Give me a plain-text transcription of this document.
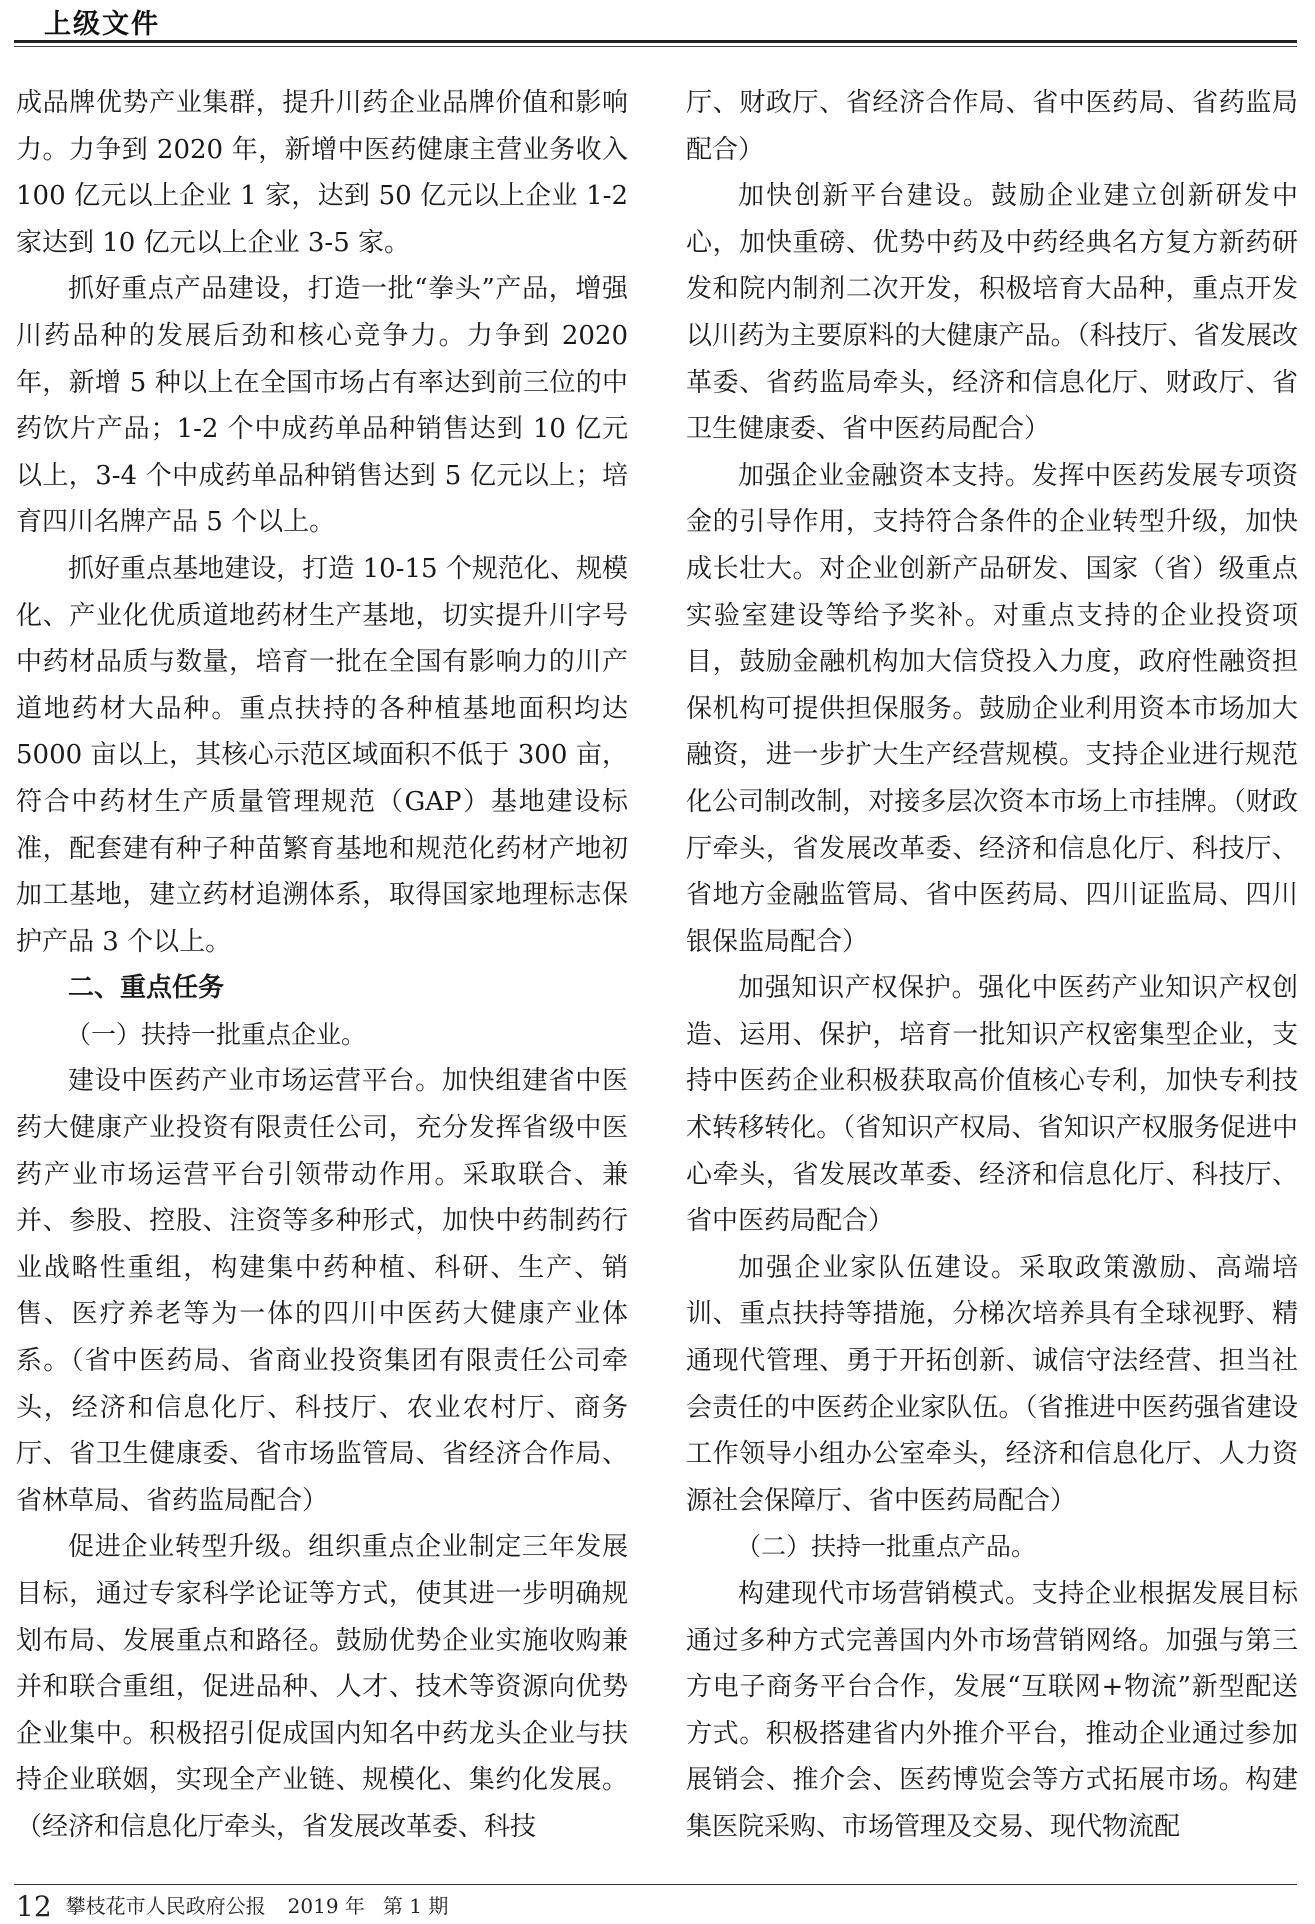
上级文件

成品牌优势产业集群，提升川药企业品牌价值和影响力。力争到 2020 年，新增中医药健康主营业务收入 100 亿元以上企业 1 家，达到 50 亿元以上企业 1-2 家达到 10 亿元以上企业 3-5 家。

抓好重点产品建设，打造一批“拳头”产品，增强川药品种的发展后劲和核心竞争力。力争到 2020 年，新增 5 种以上在全国市场占有率达到前三位的中药饮片产品；1-2 个中成药单品种销售达到 10 亿元以上，3-4 个中成药单品种销售达到 5 亿元以上；培育四川名牌产品 5 个以上。

抓好重点基地建设，打造 10-15 个规范化、规模化、产业化优质道地药材生产基地，切实提升川字号中药材品质与数量，培育一批在全国有影响力的川产道地药材大品种。重点扶持的各种植基地面积均达 5000 亩以上，其核心示范区域面积不低于 300 亩，符合中药材生产质量管理规范（GAP）基地建设标准，配套建有种子种苗繁育基地和规范化药材产地初加工基地，建立药材追溯体系，取得国家地理标志保护产品 3 个以上。

二、重点任务

（一）扶持一批重点企业。

建设中医药产业市场运营平台。加快组建省中医药大健康产业投资有限责任公司，充分发挥省级中医药产业市场运营平台引领带动作用。采取联合、兼并、参股、控股、注资等多种形式，加快中药制药行业战略性重组，构建集中药种植、科研、生产、销售、医疗养老等为一体的四川中医药大健康产业体系。（省中医药局、省商业投资集团有限责任公司牵头，经济和信息化厅、科技厅、农业农村厅、商务厅、省卫生健康委、省市场监管局、省经济合作局、省林草局、省药监局配合）

促进企业转型升级。组织重点企业制定三年发展目标，通过专家科学论证等方式，使其进一步明确规划布局、发展重点和路径。鼓励优势企业实施收购兼并和联合重组，促进品种、人才、技术等资源向优势企业集中。积极招引促成国内知名中药龙头企业与扶持企业联姻，实现全产业链、规模化、集约化发展。（经济和信息化厅牵头，省发展改革委、科技

厅、财政厅、省经济合作局、省中医药局、省药监局配合）

加快创新平台建设。鼓励企业建立创新研发中心，加快重磅、优势中药及中药经典名方复方新药研发和院内制剂二次开发，积极培育大品种，重点开发以川药为主要原料的大健康产品。（科技厅、省发展改革委、省药监局牵头，经济和信息化厅、财政厅、省卫生健康委、省中医药局配合）

加强企业金融资本支持。发挥中医药发展专项资金的引导作用，支持符合条件的企业转型升级，加快成长壮大。对企业创新产品研发、国家（省）级重点实验室建设等给予奖补。对重点支持的企业投资项目，鼓励金融机构加大信贷投入力度，政府性融资担保机构可提供担保服务。鼓励企业利用资本市场加大融资，进一步扩大生产经营规模。支持企业进行规范化公司制改制，对接多层次资本市场上市挂牌。（财政厅牵头，省发展改革委、经济和信息化厅、科技厅、省地方金融监管局、省中医药局、四川证监局、四川银保监局配合）

加强知识产权保护。强化中医药产业知识产权创造、运用、保护，培育一批知识产权密集型企业，支持中医药企业积极获取高价值核心专利，加快专利技术转移转化。（省知识产权局、省知识产权服务促进中心牵头，省发展改革委、经济和信息化厅、科技厅、省中医药局配合）

加强企业家队伍建设。采取政策激励、高端培训、重点扶持等措施，分梯次培养具有全球视野、精通现代管理、勇于开拓创新、诚信守法经营、担当社会责任的中医药企业家队伍。（省推进中医药强省建设工作领导小组办公室牵头，经济和信息化厅、人力资源社会保障厅、省中医药局配合）

（二）扶持一批重点产品。

构建现代市场营销模式。支持企业根据发展目标通过多种方式完善国内外市场营销网络。加强与第三方电子商务平台合作，发展“互联网+物流”新型配送方式。积极搭建省内外推介平台，推动企业通过参加展销会、推介会、医药博览会等方式拓展市场。构建集医院采购、市场管理及交易、现代物流配

12 攀枝花市人民政府公报 2019 年 第 1 期
